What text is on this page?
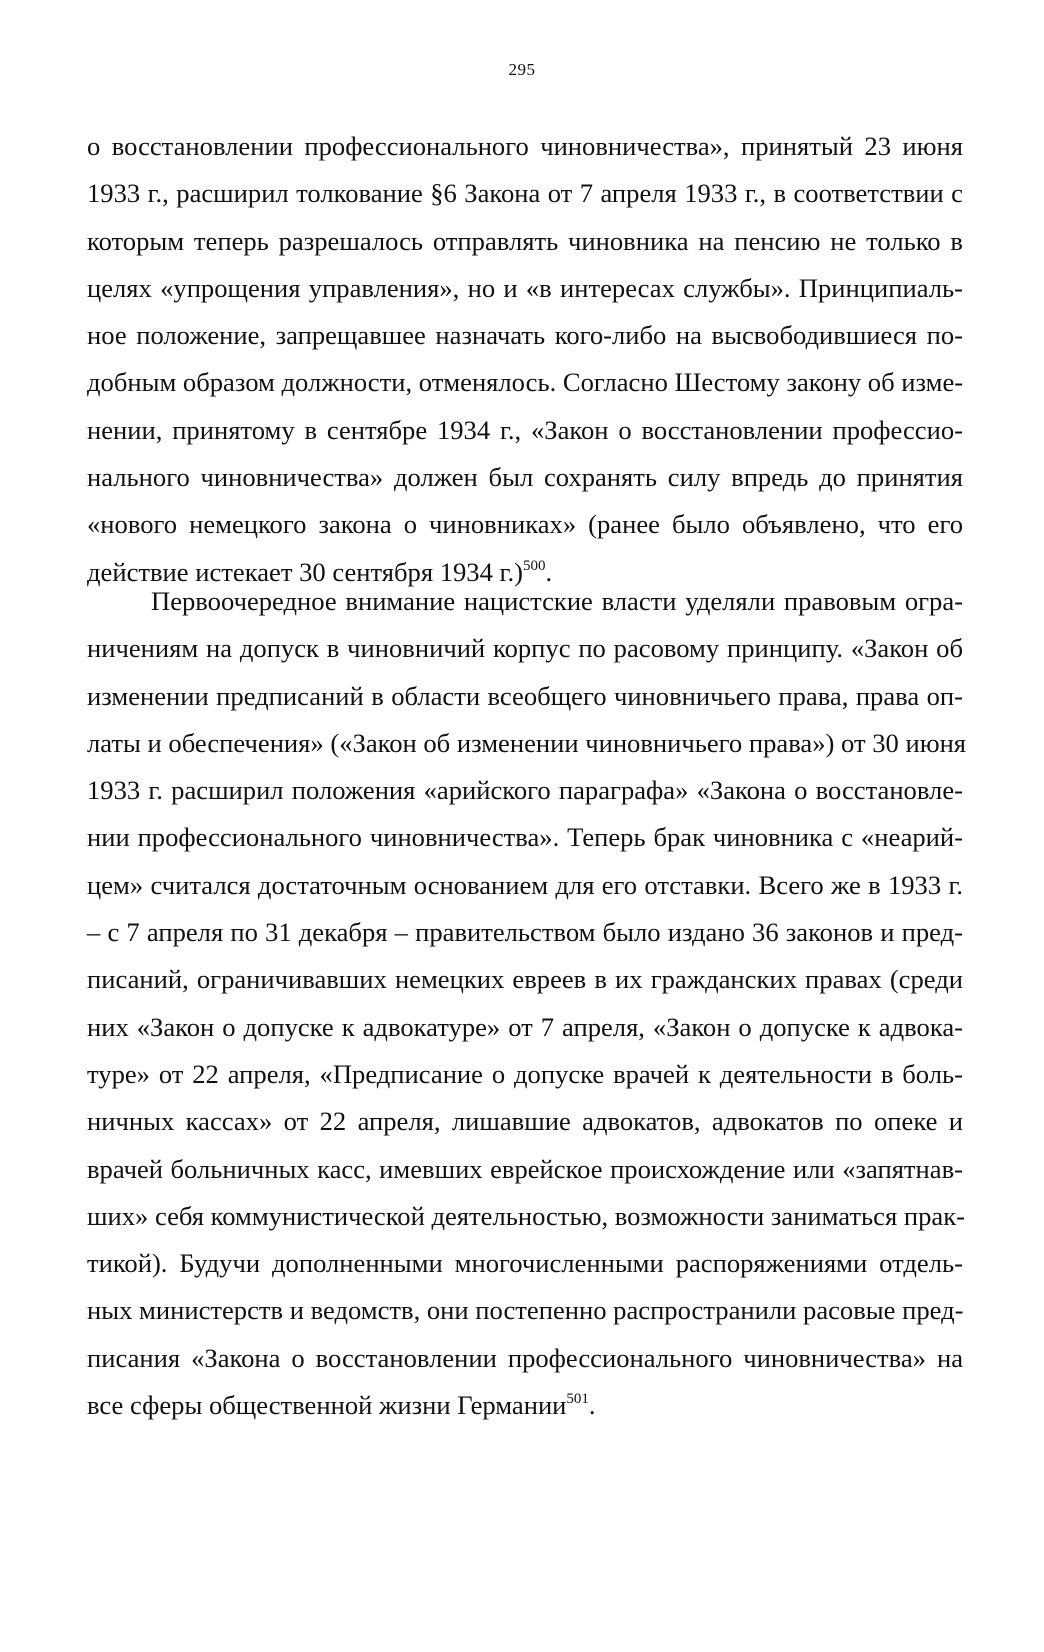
295
о восстановлении профессионального чиновничества», принятый 23 июня
1933 г., расширил толкование §6 Закона от 7 апреля 1933 г., в соответствии с
которым теперь разрешалось отправлять чиновника на пенсию не только в
целях «упрощения управления», но и «в интересах службы». Принципиаль-
ное положение, запрещавшее назначать кого-либо на высвободившиеся по-
добным образом должности, отменялось. Согласно Шестому закону об изме-
нении, принятому в сентябре 1934 г., «Закон о восстановлении профессио-
нального чиновничества» должен был сохранять силу впредь до принятия
«нового немецкого закона о чиновниках» (ранее было объявлено, что его
действие истекает 30 сентября 1934 г.)$^{500}$.
Первоочередное внимание нацистские власти уделяли правовым огра-
ничениям на допуск в чиновничий корпус по расовому принципу. «Закон об
изменении предписаний в области всеобщего чиновничьего права, права оп-
латы и обеспечения» («Закон об изменении чиновничьего права») от 30 июня
1933 г. расширил положения «арийского параграфа» «Закона о восстановле-
нии профессионального чиновничества». Теперь брак чиновника с «неарий-
цем» считался достаточным основанием для его отставки. Всего же в 1933 г.
– с 7 апреля по 31 декабря – правительством было издано 36 законов и пред-
писаний, ограничивавших немецких евреев в их гражданских правах (среди
них «Закон о допуске к адвокатуре» от 7 апреля, «Закон о допуске к адвока-
туре» от 22 апреля, «Предписание о допуске врачей к деятельности в боль-
ничных кассах» от 22 апреля, лишавшие адвокатов, адвокатов по опеке и
врачей больничных касс, имевших еврейское происхождение или «запятнав-
ших» себя коммунистической деятельностью, возможности заниматься прак-
тикой). Будучи дополненными многочисленными распоряжениями отдель-
ных министерств и ведомств, они постепенно распространили расовые пред-
писания «Закона о восстановлении профессионального чиновничества» на
все сферы общественной жизни Германии$^{501}$.
